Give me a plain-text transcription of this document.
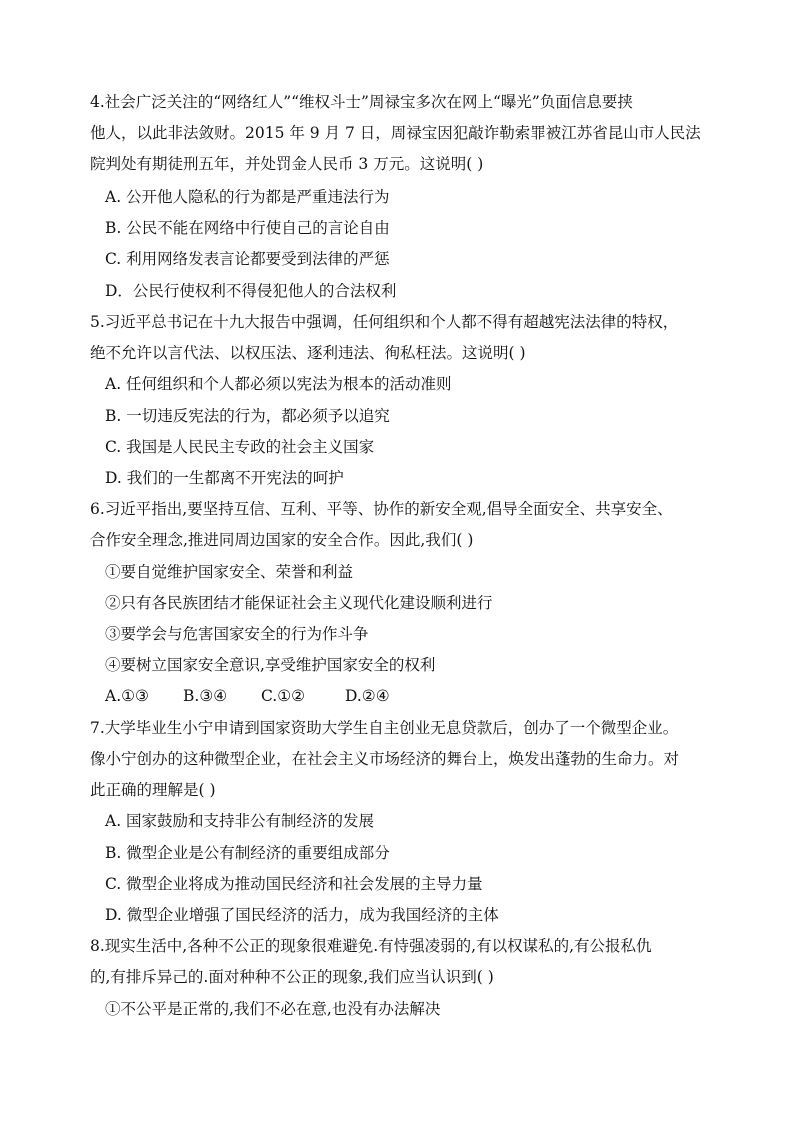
4.社会广泛关注的“网络红人”“维权斗士”周禄宝多次在网上“曝光”负面信息要挟
他人，以此非法敛财。2015 年 9 月 7 日，周禄宝因犯敲诈勒索罪被江苏省昆山市人民法
院判处有期徒刑五年，并处罚金人民币 3 万元。这说明( )
A. 公开他人隐私的行为都是严重违法行为
B. 公民不能在网络中行使自己的言论自由
C. 利用网络发表言论都要受到法律的严惩
D．公民行使权利不得侵犯他人的合法权利
5.习近平总书记在十九大报告中强调，任何组织和个人都不得有超越宪法法律的特权，
绝不允许以言代法、以权压法、逐利违法、徇私枉法。这说明( )
A. 任何组织和个人都必须以宪法为根本的活动准则
B. 一切违反宪法的行为，都必须予以追究
C. 我国是人民民主专政的社会主义国家
D. 我们的一生都离不开宪法的呵护
6.习近平指出,要坚持互信、互利、平等、协作的新安全观,倡导全面安全、共享安全、
合作安全理念,推进同周边国家的安全合作。因此,我们( )
①要自觉维护国家安全、荣誉和利益
②只有各民族团结才能保证社会主义现代化建设顺利进行
③要学会与危害国家安全的行为作斗争
④要树立国家安全意识,享受维护国家安全的权利
A.①③	B.③④	C.①②	D.②④
7.大学毕业生小宁申请到国家资助大学生自主创业无息贷款后，创办了一个微型企业。
像小宁创办的这种微型企业，在社会主义市场经济的舞台上，焕发出蓬勃的生命力。对
此正确的理解是( )
A. 国家鼓励和支持非公有制经济的发展
B. 微型企业是公有制经济的重要组成部分
C. 微型企业将成为推动国民经济和社会发展的主导力量
D. 微型企业增强了国民经济的活力，成为我国经济的主体
8.现实生活中,各种不公正的现象很难避免.有恃强凌弱的,有以权谋私的,有公报私仇
的,有排斥异己的.面对种种不公正的现象,我们应当认识到( )
①不公平是正常的,我们不必在意,也没有办法解决
